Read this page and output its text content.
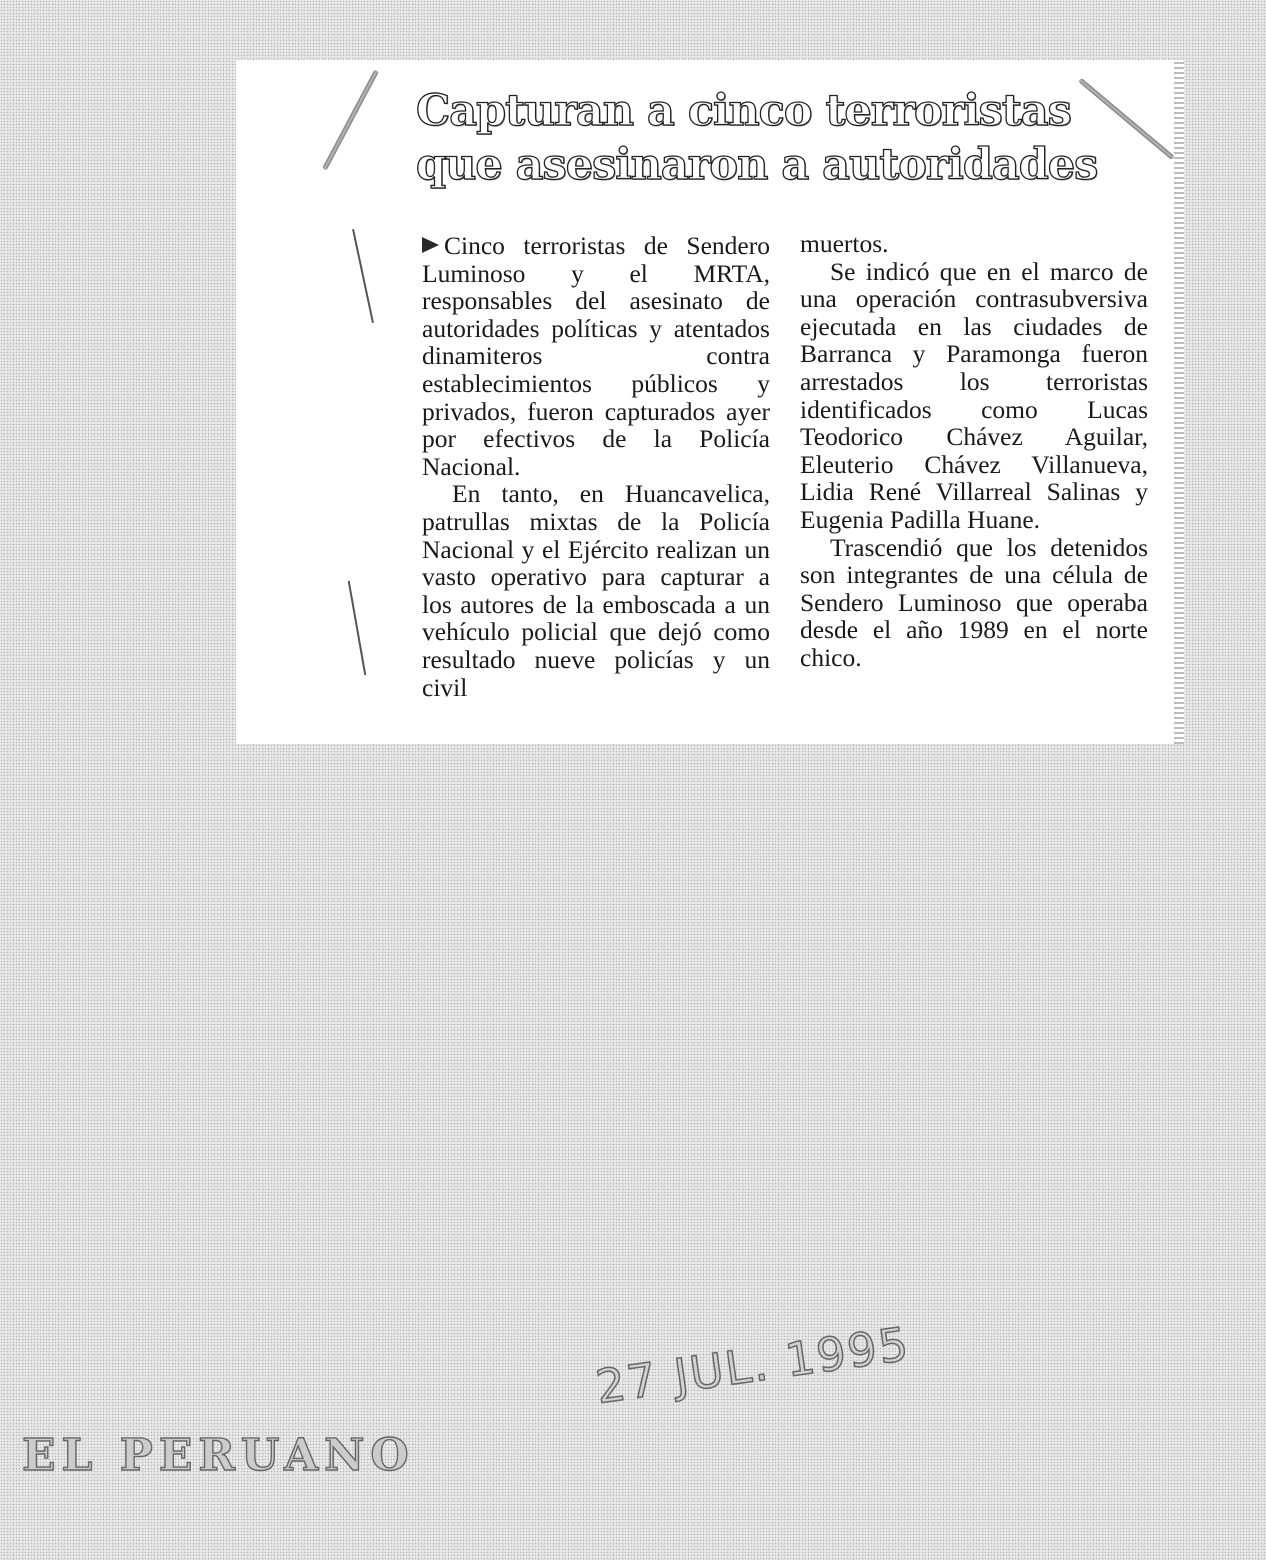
Capturan a cinco terroristas que asesinaron a autoridades

Cinco terroristas de Sendero Luminoso y el MRTA, responsables del asesinato de autoridades políticas y atentados dinamiteros contra establecimientos públicos y privados, fueron capturados ayer por efectivos de la Policía Nacional.

En tanto, en Huancavelica, patrullas mixtas de la Policía Nacional y el Ejército realizan un vasto operativo para capturar a los autores de la emboscada a un vehículo policial que dejó como resultado nueve policías y un civil

muertos.

Se indicó que en el marco de una operación contrasubversiva ejecutada en las ciudades de Barranca y Paramonga fueron arrestados los terroristas identificados como Lucas Teodorico Chávez Aguilar, Eleuterio Chávez Villanueva, Lidia René Villarreal Salinas y Eugenia Padilla Huane.

Trascendió que los detenidos son integrantes de una célula de Sendero Luminoso que operaba desde el año 1989 en el norte chico.

27 JUL. 1995

EL PERUANO
